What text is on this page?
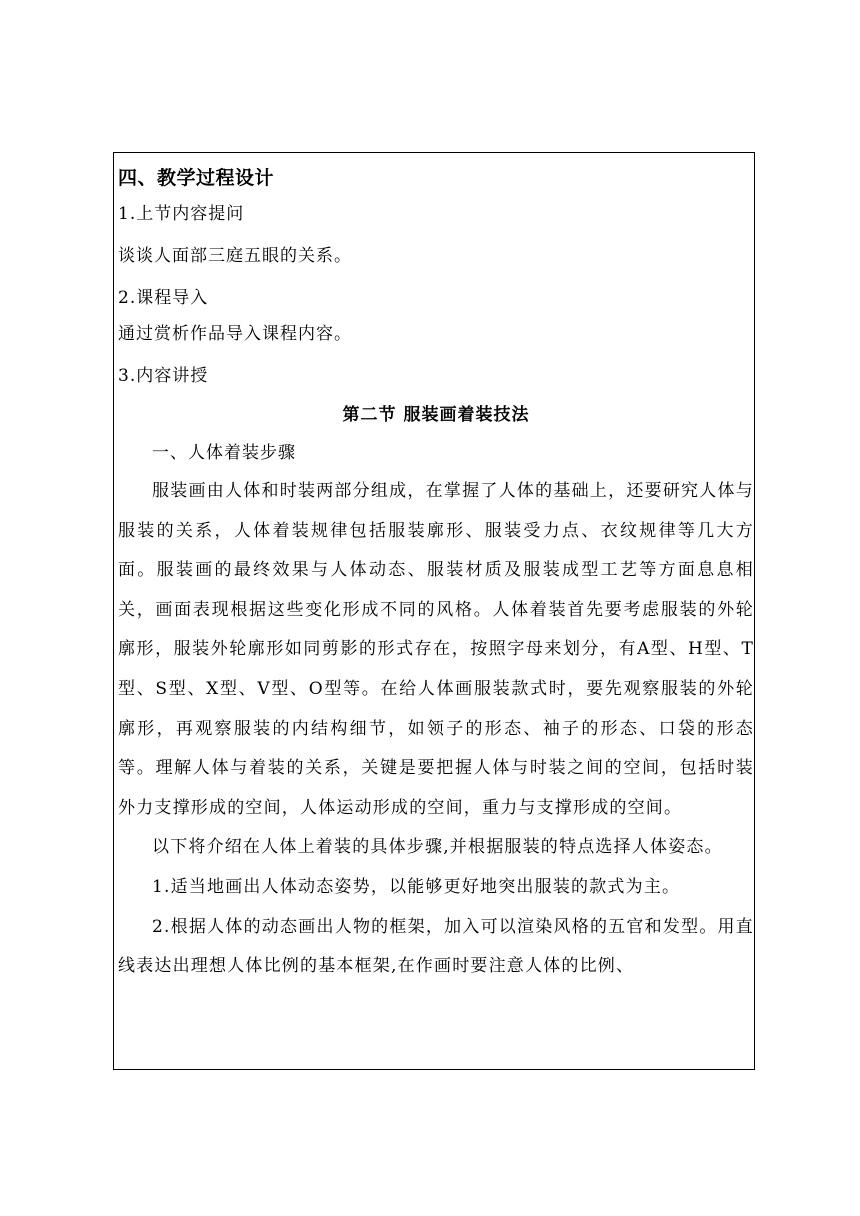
四、教学过程设计

1.上节内容提问

谈谈人面部三庭五眼的关系。

2.课程导入

通过赏析作品导入课程内容。

3.内容讲授

第二节 服装画着装技法

一、人体着装步骤

服装画由人体和时装两部分组成，在掌握了人体的基础上，还要研究人体与服装的关系，人体着装规律包括服装廓形、服装受力点、衣纹规律等几大方面。服装画的最终效果与人体动态、服装材质及服装成型工艺等方面息息相关，画面表现根据这些变化形成不同的风格。人体着装首先要考虑服装的外轮廓形，服装外轮廓形如同剪影的形式存在，按照字母来划分，有A型、H型、T型、S型、X型、V型、O型等。在给人体画服装款式时，要先观察服装的外轮廓形，再观察服装的内结构细节，如领子的形态、袖子的形态、口袋的形态等。理解人体与着装的关系，关键是要把握人体与时装之间的空间，包括时装外力支撑形成的空间，人体运动形成的空间，重力与支撑形成的空间。

以下将介绍在人体上着装的具体步骤,并根据服装的特点选择人体姿态。

1.适当地画出人体动态姿势，以能够更好地突出服装的款式为主。

2.根据人体的动态画出人物的框架，加入可以渲染风格的五官和发型。用直线表达出理想人体比例的基本框架,在作画时要注意人体的比例、
